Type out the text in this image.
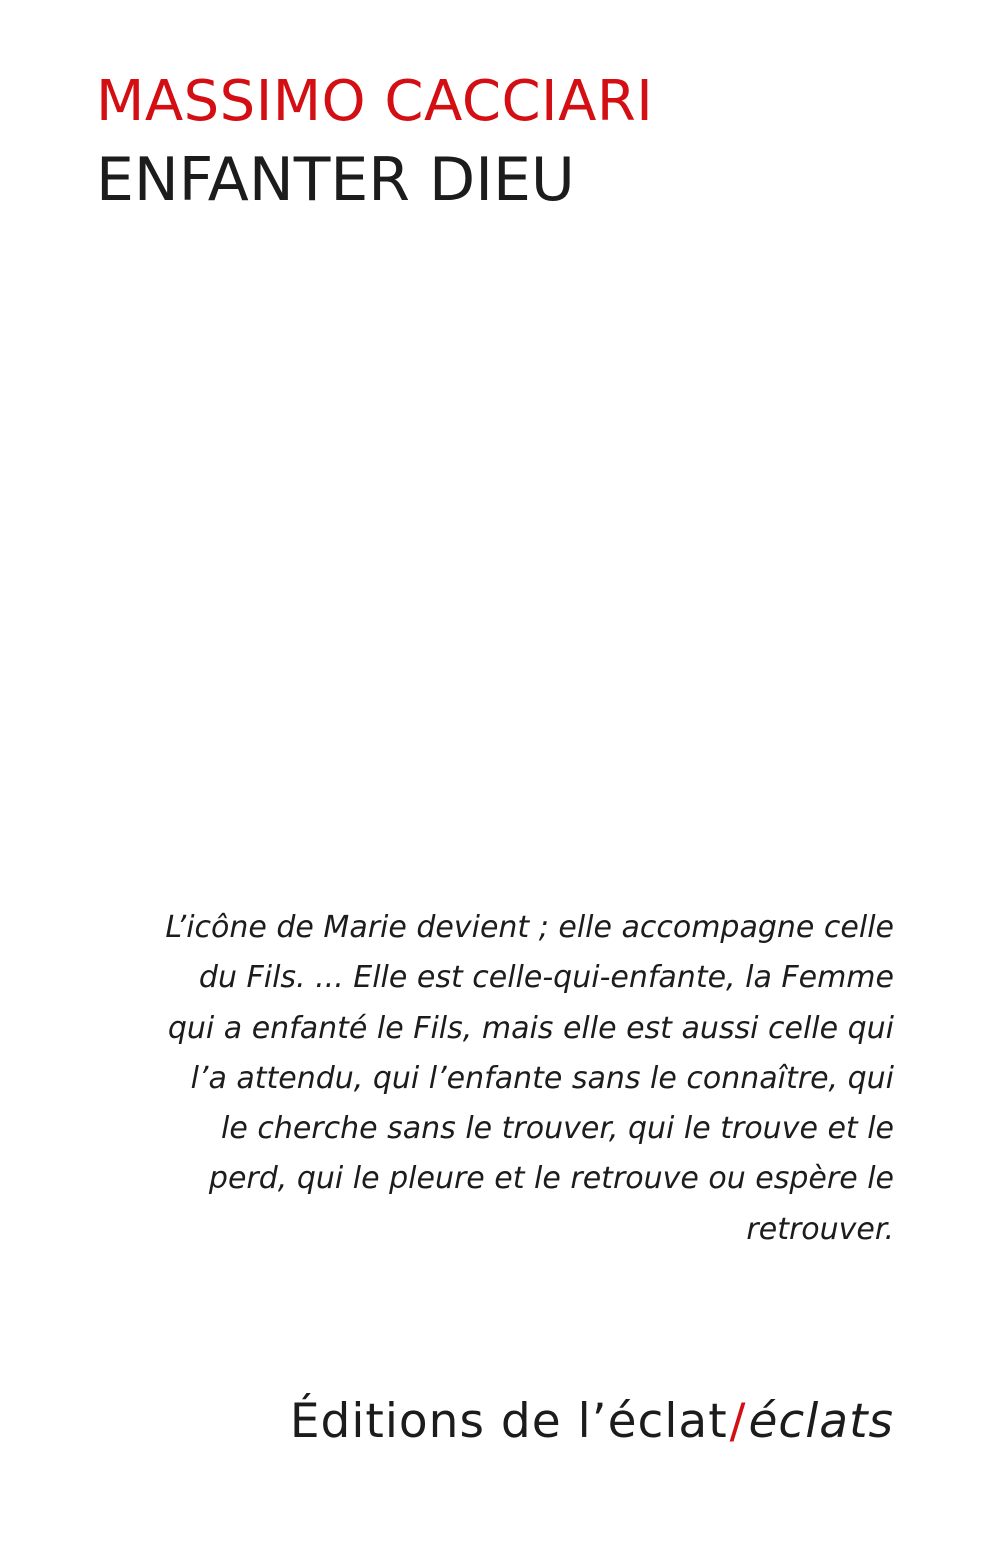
MASSIMO CACCIARI
ENFANTER DIEU
L’icône de Marie devient ; elle accompagne celle
du Fils. ... Elle est celle-qui-enfante, la Femme
qui a enfanté le Fils, mais elle est aussi celle qui
l’a attendu, qui l’enfante sans le connaître, qui
le cherche sans le trouver, qui le trouve et le
perd, qui le pleure et le retrouve ou espère le
retrouver.
Éditions de l’éclat/éclats
